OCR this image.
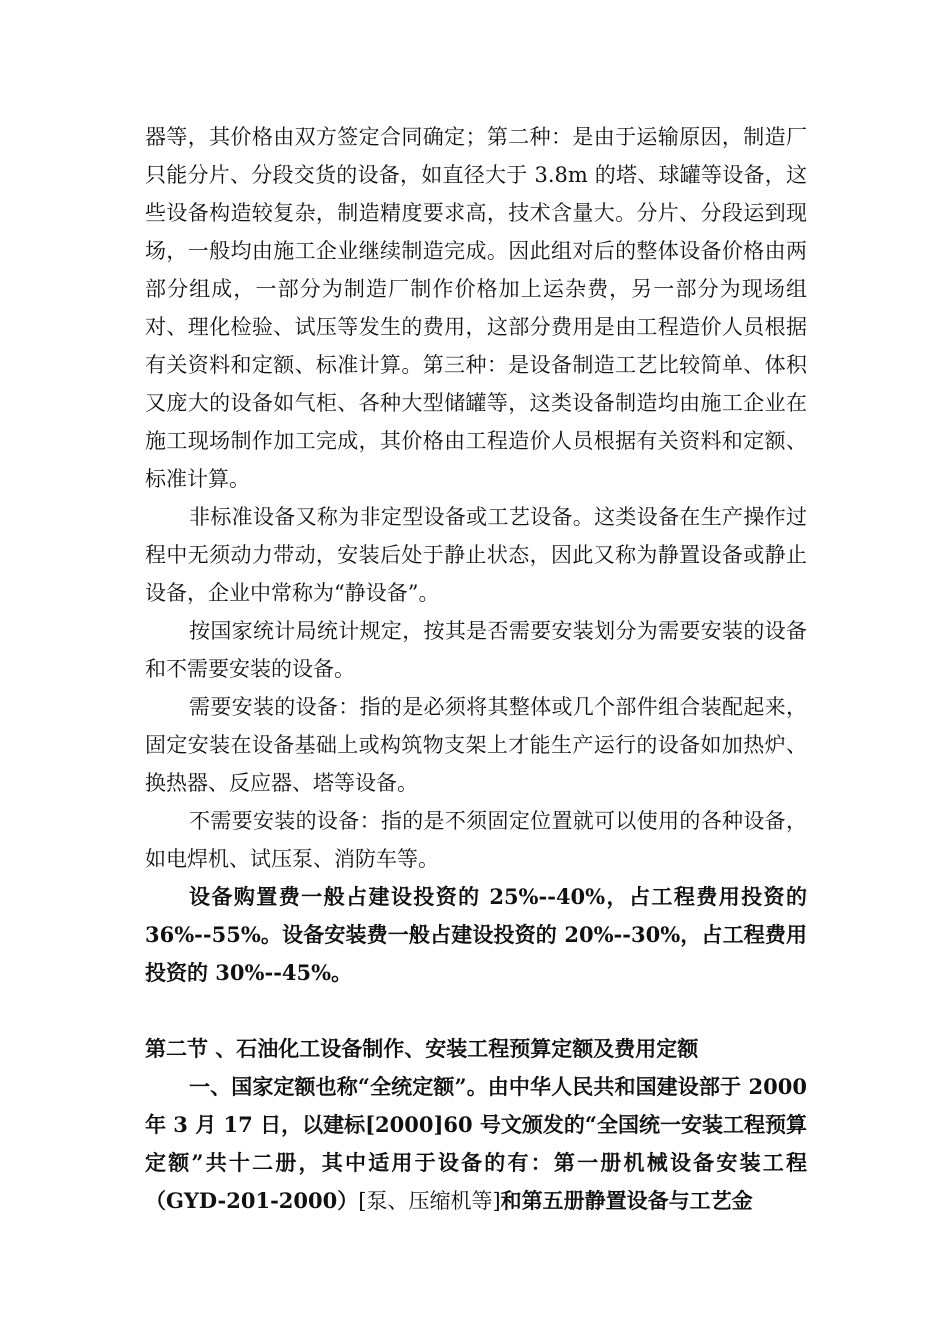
器等，其价格由双方签定合同确定；第二种：是由于运输原因，制造厂只能分片、分段交货的设备，如直径大于 3.8m 的塔、球罐等设备，这些设备构造较复杂，制造精度要求高，技术含量大。分片、分段运到现场，一般均由施工企业继续制造完成。因此组对后的整体设备价格由两部分组成，一部分为制造厂制作价格加上运杂费，另一部分为现场组对、理化检验、试压等发生的费用，这部分费用是由工程造价人员根据有关资料和定额、标准计算。第三种：是设备制造工艺比较简单、体积又庞大的设备如气柜、各种大型储罐等，这类设备制造均由施工企业在施工现场制作加工完成，其价格由工程造价人员根据有关资料和定额、标准计算。

非标准设备又称为非定型设备或工艺设备。这类设备在生产操作过程中无须动力带动，安装后处于静止状态，因此又称为静置设备或静止设备，企业中常称为“静设备”。

按国家统计局统计规定，按其是否需要安装划分为需要安装的设备和不需要安装的设备。

需要安装的设备：指的是必须将其整体或几个部件组合装配起来，固定安装在设备基础上或构筑物支架上才能生产运行的设备如加热炉、换热器、反应器、塔等设备。

不需要安装的设备：指的是不须固定位置就可以使用的各种设备，如电焊机、试压泵、消防车等。

设备购置费一般占建设投资的 25%--40%，占工程费用投资的 36%--55%。设备安装费一般占建设投资的 20%--30%，占工程费用投资的 30%--45%。

第二节 、石油化工设备制作、安装工程预算定额及费用定额

一、国家定额也称“全统定额”。由中华人民共和国建设部于 2000 年 3 月 17 日，以建标[2000]60 号文颁发的“全国统一安装工程预算定额”共十二册，其中适用于设备的有：第一册机械设备安装工程（GYD-201-2000）[泵、压缩机等]和第五册静置设备与工艺金
